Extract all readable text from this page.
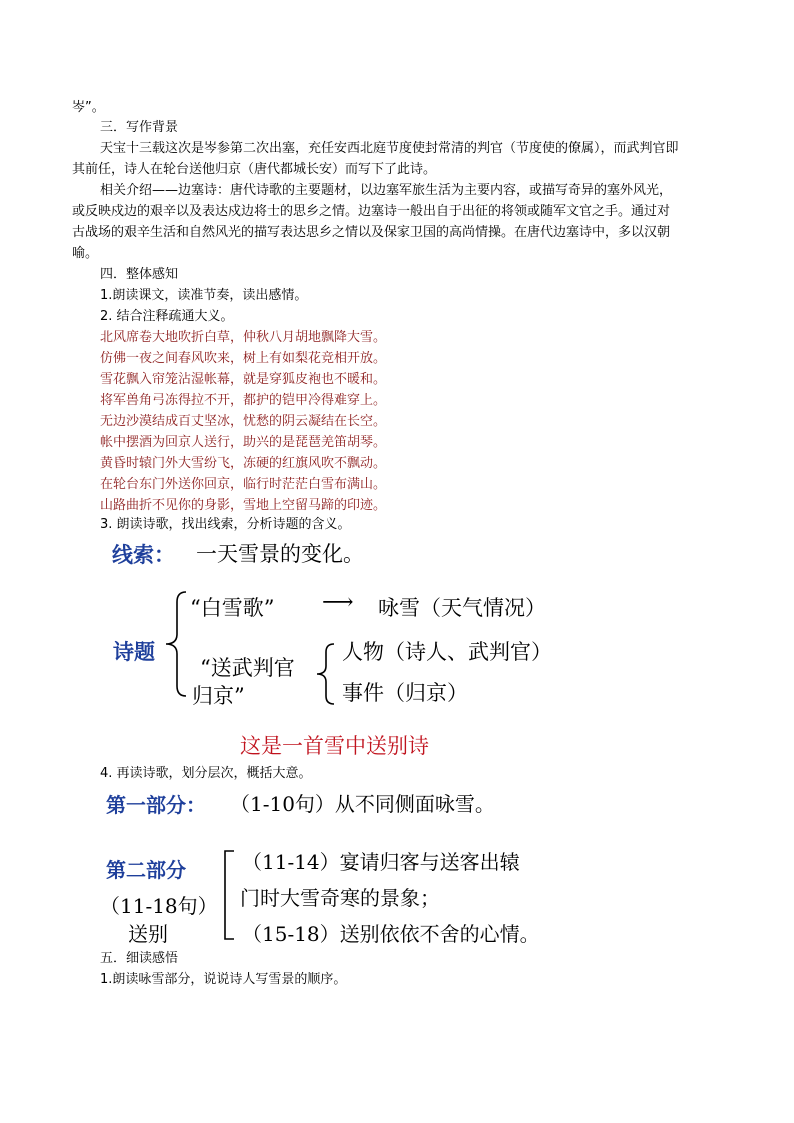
岑”。
三．写作背景
天宝十三载这次是岑参第二次出塞，充任安西北庭节度使封常清的判官（节度使的僚属），而武判官即
其前任，诗人在轮台送他归京（唐代都城长安）而写下了此诗。
相关介绍——边塞诗：唐代诗歌的主要题材，以边塞军旅生活为主要内容，或描写奇异的塞外风光，
或反映戍边的艰辛以及表达戍边将士的思乡之情。边塞诗一般出自于出征的将领或随军文官之手。通过对
古战场的艰辛生活和自然风光的描写表达思乡之情以及保家卫国的高尚情操。在唐代边塞诗中，多以汉朝
喻。
四．整体感知
1.朗读课文，读准节奏，读出感情。
2. 结合注释疏通大义。
北风席卷大地吹折白草，仲秋八月胡地飘降大雪。
仿佛一夜之间春风吹来，树上有如梨花竞相开放。
雪花飘入帘笼沾湿帐幕，就是穿狐皮袍也不暖和。
将军兽角弓冻得拉不开，都护的铠甲冷得难穿上。
无边沙漠结成百丈坚冰，忧愁的阴云凝结在长空。
帐中摆酒为回京人送行，助兴的是琵琶羌笛胡琴。
黄昏时辕门外大雪纷飞，冻硬的红旗风吹不飘动。
在轮台东门外送你回京，临行时茫茫白雪布满山。
山路曲折不见你的身影，雪地上空留马蹄的印迹。
3. 朗读诗歌，找出线索，分析诗题的含义。
线索： 一天雪景的变化。
诗题
“白雪歌” ⟶ 咏雪（天气情况）
“送武判官
归京”
人物（诗人、武判官）
事件（归京）
这是一首雪中送别诗
4. 再读诗歌，划分层次，概括大意。
第一部分： （1-10句）从不同侧面咏雪。
第二部分
（11-18句）
送别
（11-14）宴请归客与送客出辕
门时大雪奇寒的景象；
（15-18）送别依依不舍的心情。
五．细读感悟
1.朗读咏雪部分，说说诗人写雪景的顺序。
